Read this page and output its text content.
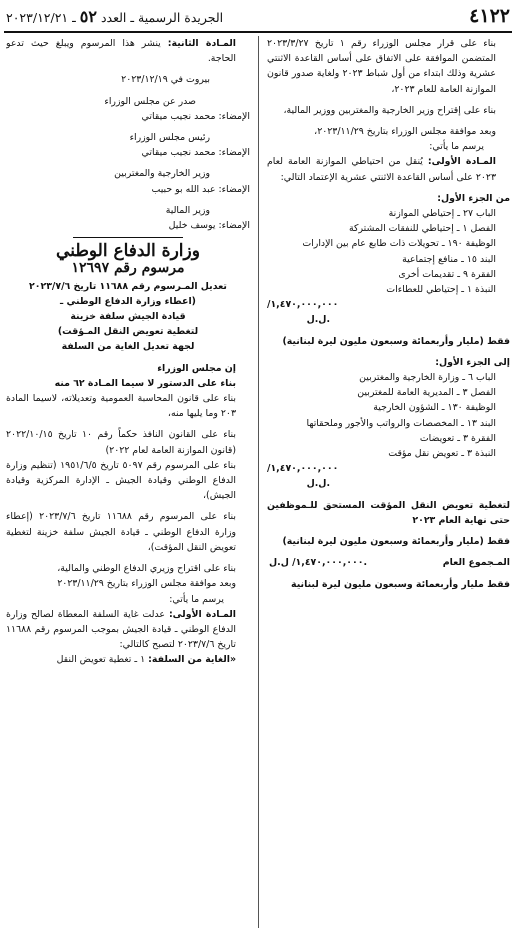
٤١٢٢
الجريدة الرسمية ـ العدد ٥٢ ـ ٢٠٢٣/١٢/٢١

بناء على قرار مجلس الوزراء رقم ١ تاريخ ٢٠٢٣/٣/٢٧ المتضمن الموافقة على الاتفاق على أساس القاعدة الاثنتي عشرية وذلك ابتداء من أول شباط ٢٠٢٣ ولغاية صدور قانون الموازنة العامة للعام ٢٠٢٣،

بناء على إقتراح وزير الخارجية والمغتربين ووزير المالية،

وبعد موافقة مجلس الوزراء بتاريخ ٢٠٢٣/١١/٢٩،

يرسم ما يأتي:

المـادة الأولى: يُنقل من احتياطي الموازنة العامة لعام ٢٠٢٣ على أساس القاعدة الاثنتي عشرية الإعتماد التالي:

من الجزء الأول:

الباب ٢٧ ـ إحتياطي الموازنة

الفصل ١ ـ إحتياطي للنفقات المشتركة

الوظيفة ١٩٠ ـ تحويلات ذات طابع عام بين الإدارات

البند ١٥ ـ منافع إجتماعية

الفقرة ٩ ـ تقديمات أخرى

النبذة ١ ـ إحتياطي للعطاءات

١,٤٧٠,٠٠٠,٠٠٠/ ل.ل.

فقط (مليار وأربعمائة وسبعون مليون ليرة لبنانية)

إلى الجزء الأول:

الباب ٦ ـ وزارة الخارجية والمغتربين

الفصل ٣ ـ المديرية العامة للمغتربين

الوظيفة ١٣٠ ـ الشؤون الخارجية

البند ١٣ ـ المخصصات والرواتب والأجور وملحقاتها

الفقرة ٣ ـ تعويضات

النبذة ٣ ـ تعويض نقل مؤقت

١,٤٧٠,٠٠٠,٠٠٠/ ل.ل.

لتغطية تعويض النقل المؤقت المستحق للـموظفين حتى نهاية العام ٢٠٢٣

فقط (مليار وأربعمائة وسبعون مليون ليرة لبنانية)

المـجموع العام
١,٤٧٠,٠٠٠,٠٠٠/ ل.ل.

فقط مليار وأربعمائة وسبعون مليون ليرة لبنانية

المـادة الثانية: ينشر هذا المرسوم ويبلغ حيث تدعو الحاجة.

بيروت في ٢٠٢٣/١٢/١٩

صدر عن مجلس الوزراء

الإمضاء: محمد نجيب ميقاتي

رئيس مجلس الوزراء

الإمضاء: محمد نجيب ميقاتي

وزير الخارجية والمغتربين

الإمضاء: عبد الله بو حبيب

وزير المالية

الإمضاء: يوسف خليل

وزارة الدفاع الوطني
مرسوم رقم ١٢٦٩٧

تعديل المـرسوم رقم ١١٦٨٨ تاريخ ٢٠٢٣/٧/٦

(اعطاء وزارة الدفاع الوطني ـ

قيادة الجيش سلفة خزينة

لتغطية تعويض النقل المـؤقت)

لجهة تعديل الغاية من السلفة

إن مجلس الوزراء

بناء على الدستور لا سيما المـادة ٦٢ منه

بناء على قانون المحاسبة العمومية وتعديلاته، لاسيما المادة ٢٠٣ وما يليها منه،

بناء على القانون النافذ حكماً رقم ١٠ تاريخ ٢٠٢٢/١٠/١٥ (قانون الموازنة العامة لعام ٢٠٢٢)

بناء على المرسوم رقم ٥٠٩٧ تاريخ ١٩٥١/٦/٥ (تنظيم وزارة الدفاع الوطني وقيادة الجيش ـ الإدارة المركزية وقيادة الجيش)،

بناء على المرسوم رقم ١١٦٨٨ تاريخ ٢٠٢٣/٧/٦ (إعطاء وزارة الدفاع الوطني ـ قيادة الجيش سلفة خزينة لتغطية تعويض النقل المؤقت)،

بناء على اقتراح وزيري الدفاع الوطني والمالية،

وبعد موافقة مجلس الوزراء بتاريخ ٢٠٢٣/١١/٢٩

يرسم ما يأتي:

المـادة الأولى: عدلت غاية السلفة المعطاة لصالح وزارة الدفاع الوطني ـ قيادة الجيش بموجب المرسوم رقم ١١٦٨٨ تاريخ ٢٠٢٣/٧/٦ لتصبح كالتالي:

«الغاية من السلفة: ١ ـ تغطية تعويض النقل
